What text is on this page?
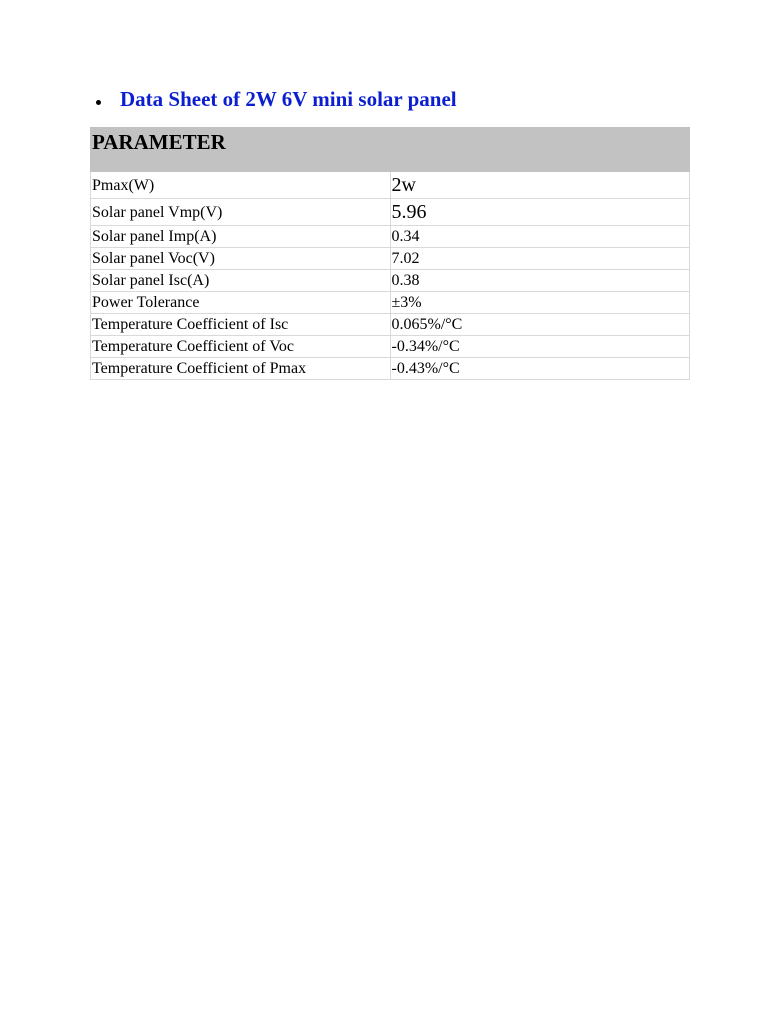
Data Sheet of 2W 6V mini solar panel
PARAMETER	
Pmax(W)	2w
Solar panel Vmp(V)	5.96
Solar panel Imp(A)	0.34
Solar panel Voc(V)	7.02
Solar panel Isc(A)	0.38
Power Tolerance	±3%
Temperature Coefficient of Isc	0.065%/°C
Temperature Coefficient of Voc	-0.34%/°C
Temperature Coefficient of Pmax	-0.43%/°C
